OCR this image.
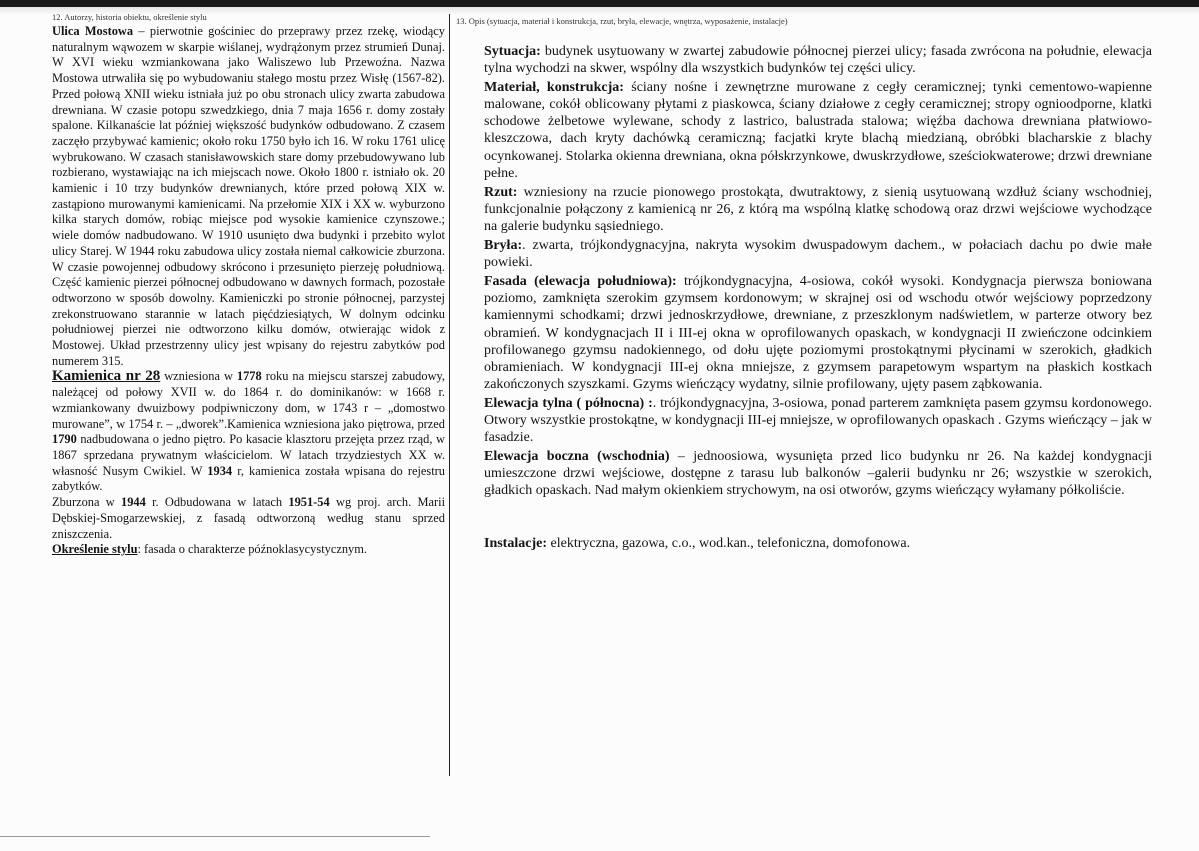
12. Autorzy, historia obiektu, określenie stylu

Ulica Mostowa – pierwotnie gościniec do przeprawy przez rzekę, wiodący naturalnym wąwozem w skarpie wiślanej, wydrążonym przez strumień Dunaj. W XVI wieku wzmiankowana jako Waliszewo lub Przewoźna. Nazwa Mostowa utrwaliła się po wybudowaniu stałego mostu przez Wisłę (1567-82). Przed połową XNII wieku istniała już po obu stronach ulicy zwarta zabudowa drewniana. W czasie potopu szwedzkiego, dnia 7 maja 1656 r. domy zostały spalone. Kilkanaście lat później większość budynków odbudowano. Z czasem zaczęło przybywać kamienic; około roku 1750 było ich 16. W roku 1761 ulicę wybrukowano. W czasach stanisławowskich stare domy przebudowywano lub rozbierano, wystawiając na ich miejscach nowe. Około 1800 r. istniało ok. 20 kamienic i 10 trzy budynków drewnianych, które przed połową XIX w. zastąpiono murowanymi kamienicami. Na przełomie XIX i XX w. wyburzono kilka starych domów, robiąc miejsce pod wysokie kamienice czynszowe.; wiele domów nadbudowano. W 1910 usunięto dwa budynki i przebito wylot ulicy Starej. W 1944 roku zabudowa ulicy została niemal całkowicie zburzona. W czasie powojennej odbudowy skrócono i przesunięto pierzeję południową. Część kamienic pierzei północnej odbudowano w dawnych formach, pozostałe odtworzono w sposób dowolny. Kamieniczki po stronie północnej, parzystej zrekonstruowano starannie w latach pięćdziesiątych, W dolnym odcinku południowej pierzei nie odtworzono kilku domów, otwierając widok z Mostowej. Układ przestrzenny ulicy jest wpisany do rejestru zabytków pod numerem 315.

Kamienica nr 28 wzniesiona w 1778 roku na miejscu starszej zabudowy, należącej od połowy XVII w. do 1864 r. do dominikanów: w 1668 r. wzmiankowany dwuizbowy podpiwniczony dom, w 1743 r – „domostwo murowane”, w 1754 r. – „dworek”.Kamienica wzniesiona jako piętrowa, przed 1790 nadbudowana o jedno piętro. Po kasacie klasztoru przejęta przez rząd, w 1867 sprzedana prywatnym właścicielom. W latach trzydziestych XX w. własność Nusym Cwikiel. W 1934 r, kamienica została wpisana do rejestru zabytków.

Zburzona w 1944 r. Odbudowana w latach 1951-54 wg proj. arch. Marii Dębskiej-Smogarzewskiej, z fasadą odtworzoną według stanu sprzed zniszczenia.

Określenie stylu: fasada o charakterze późnoklasycystycznym.

13. Opis (sytuacja, materiał i konstrukcja, rzut, bryła, elewacje, wnętrza, wyposażenie, instalacje)

Sytuacja: budynek usytuowany w zwartej zabudowie północnej pierzei ulicy; fasada zwrócona na południe, elewacja tylna wychodzi na skwer, wspólny dla wszystkich budynków tej części ulicy.

Materiał, konstrukcja: ściany nośne i zewnętrzne murowane z cegły ceramicznej; tynki cementowo-wapienne malowane, cokół oblicowany płytami z piaskowca, ściany działowe z cegły ceramicznej; stropy ognioodporne, klatki schodowe żelbetowe wylewane, schody z lastrico, balustrada stalowa; więźba dachowa drewniana płatwiowo-kleszczowa, dach kryty dachówką ceramiczną; facjatki kryte blachą miedzianą, obróbki blacharskie z blachy ocynkowanej. Stolarka okienna drewniana, okna półskrzynkowe, dwuskrzydłowe, sześciokwaterowe; drzwi drewniane pełne.

Rzut: wzniesiony na rzucie pionowego prostokąta, dwutraktowy, z sienią usytuowaną wzdłuż ściany wschodniej, funkcjonalnie połączony z kamienicą nr 26, z którą ma wspólną klatkę schodową oraz drzwi wejściowe wychodzące na galerie budynku sąsiedniego.

Bryła:. zwarta, trójkondygnacyjna, nakryta wysokim dwuspadowym dachem., w połaciach dachu po dwie małe powieki.

Fasada (elewacja południowa): trójkondygnacyjna, 4-osiowa, cokół wysoki. Kondygnacja pierwsza boniowana poziomo, zamknięta szerokim gzymsem kordonowym; w skrajnej osi od wschodu otwór wejściowy poprzedzony kamiennymi schodkami; drzwi jednoskrzydłowe, drewniane, z przeszklonym nadświetlem, w parterze otwory bez obramień. W kondygnacjach II i III-ej okna w oprofilowanych opaskach, w kondygnacji II zwieńczone odcinkiem profilowanego gzymsu nadokiennego, od dołu ujęte poziomymi prostokątnymi płycinami w szerokich, gładkich obramieniach. W kondygnacji III-ej okna mniejsze, z gzymsem parapetowym wspartym na płaskich kostkach zakończonych szyszkami. Gzyms wieńczący wydatny, silnie profilowany, ujęty pasem ząbkowania.

Elewacja tylna ( północna) :. trójkondygnacyjna, 3-osiowa, ponad parterem zamknięta pasem gzymsu kordonowego. Otwory wszystkie prostokątne, w kondygnacji III-ej mniejsze, w oprofilowanych opaskach . Gzyms wieńczący – jak w fasadzie.

Elewacja boczna (wschodnia) – jednoosiowa, wysunięta przed lico budynku nr 26. Na każdej kondygnacji umieszczone drzwi wejściowe, dostępne z tarasu lub balkonów –galerii budynku nr 26; wszystkie w szerokich, gładkich opaskach. Nad małym okienkiem strychowym, na osi otworów, gzyms wieńczący wyłamany półkoliście.

Instalacje: elektryczna, gazowa, c.o., wod.kan., telefoniczna, domofonowa.
